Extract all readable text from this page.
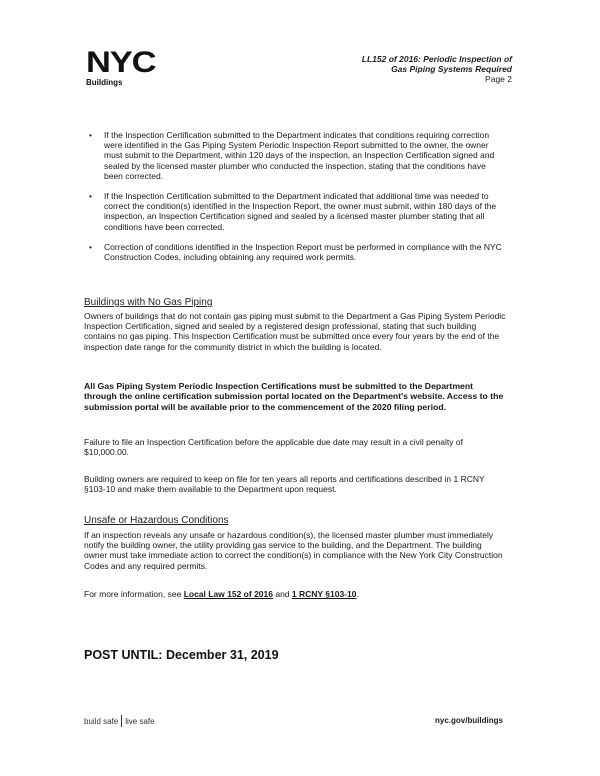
NYC
Buildings
LL152 of 2016: Periodic Inspection of
Gas Piping Systems Required
Page 2
•	If the Inspection Certification submitted to the Department indicates that conditions requiring correction were identified in the Gas Piping System Periodic Inspection Report submitted to the owner, the owner must submit to the Department, within 120 days of the inspection, an Inspection Certification signed and sealed by the licensed master plumber who conducted the inspection, stating that the conditions have been corrected.
•	If the Inspection Certification submitted to the Department indicated that additional time was needed to correct the condition(s) identified in the Inspection Report, the owner must submit, within 180 days of the inspection, an Inspection Certification signed and sealed by a licensed master plumber stating that all conditions have been corrected.
•	Correction of conditions identified in the Inspection Report must be performed in compliance with the NYC Construction Codes, including obtaining any required work permits.
Buildings with No Gas Piping
Owners of buildings that do not contain gas piping must submit to the Department a Gas Piping System Periodic Inspection Certification, signed and sealed by a registered design professional, stating that such building contains no gas piping. This Inspection Certification must be submitted once every four years by the end of the inspection date range for the community district in which the building is located.
All Gas Piping System Periodic Inspection Certifications must be submitted to the Department through the online certification submission portal located on the Department's website. Access to the submission portal will be available prior to the commencement of the 2020 filing period.
Failure to file an Inspection Certification before the applicable due date may result in a civil penalty of $10,000.00.
Building owners are required to keep on file for ten years all reports and certifications described in 1 RCNY §103-10 and make them available to the Department upon request.
Unsafe or Hazardous Conditions
If an inspection reveals any unsafe or hazardous condition(s), the licensed master plumber must immediately notify the building owner, the utility providing gas service to the building, and the Department. The building owner must take immediate action to correct the condition(s) in compliance with the New York City Construction Codes and any required permits.
For more information, see Local Law 152 of 2016 and 1 RCNY §103-10.
POST UNTIL: December 31, 2019
build safe live safe	nyc.gov/buildings
